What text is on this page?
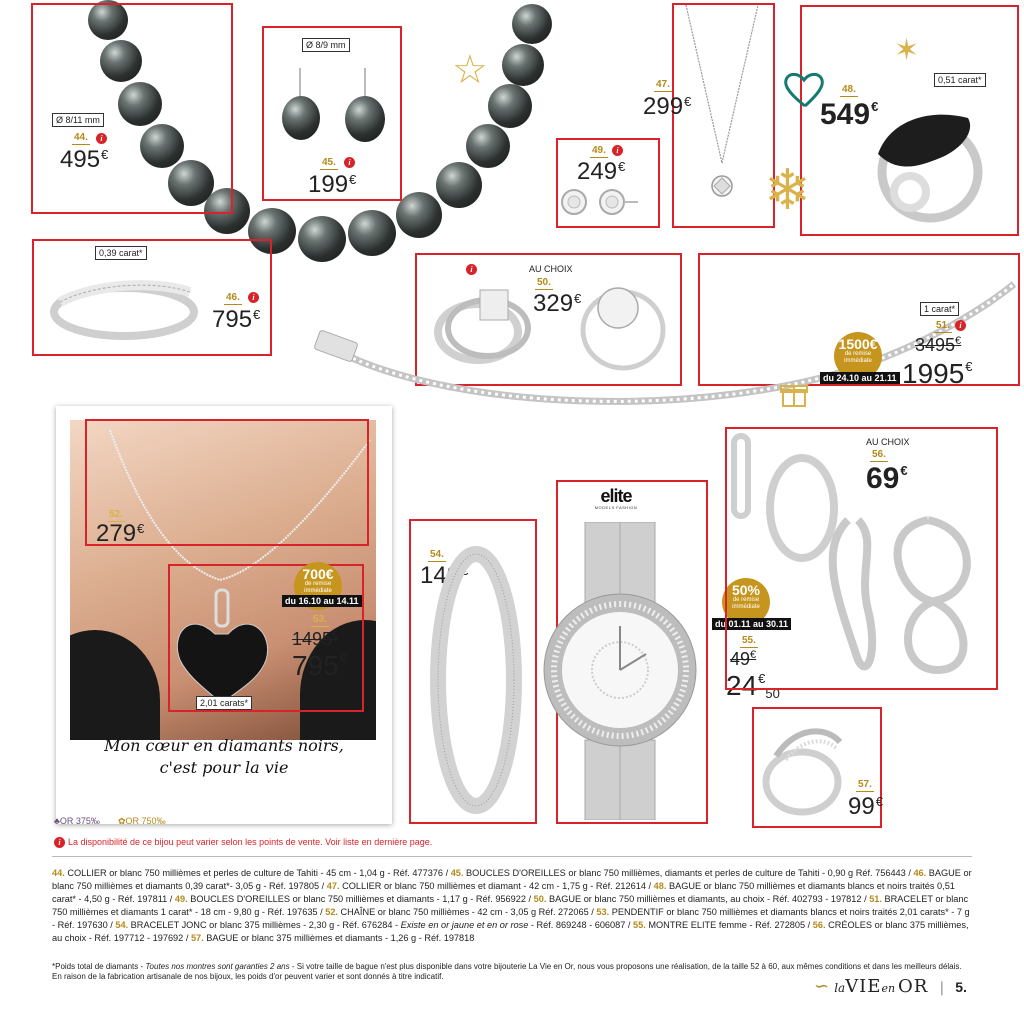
Ø 8/11 mm
44.	i
495€
Ø 8/9 mm
45.	i
199€
☆	47.
299€
✶
❄
0,51 carat*
48.
549€
49.	i
249€
0,39 carat*
46.	i
795€
i	AU CHOIX
50.
329€
1 carat*
51.	i
1500€
de remise immédiate
du 24.10 au 21.11
3495€
1995€
Mon cœur en diamants noirs,
c'est pour la vie
52.
279€
700€
de remise immédiate
du 16.10 au 14.11
53.
1495€
795€
2,01 carats*
54.
149€
elite
MODELS FASHION
50%
de remise immédiate
du 01.11 au 30.11
55.
49€
24€50
AU CHOIX
56.
69€
57.
99€
♣OR 375‰ ✿OR 750‰
i La disponibilité de ce bijou peut varier selon les points de vente. Voir liste en dernière page.
44. COLLIER or blanc 750 millièmes et perles de culture de Tahiti - 45 cm - 1,04 g - Réf. 477376 / 45. BOUCLES D'OREILLES or blanc 750 millièmes, diamants et perles de culture de Tahiti - 0,90 g Réf. 756443 / 46. BAGUE or blanc 750 millièmes et diamants 0,39 carat*- 3,05 g - Réf. 197805 / 47. COLLIER or blanc 750 millièmes et diamant - 42 cm - 1,75 g - Réf. 212614 / 48. BAGUE or blanc 750 millièmes et diamants blancs et noirs traités 0,51 carat* - 4,50 g - Réf. 197811 / 49. BOUCLES D'OREILLES or blanc 750 millièmes et diamants - 1,17 g - Réf. 956922 / 50. BAGUE or blanc 750 millièmes et diamants, au choix - Réf. 402793 - 197812 / 51. BRACELET or blanc 750 millièmes et diamants 1 carat* - 18 cm - 9,80 g - Réf. 197635 / 52. CHAÎNE or blanc 750 millièmes - 42 cm - 3,05 g Réf. 272065 / 53. PENDENTIF or blanc 750 millièmes et diamants blancs et noirs traités 2,01 carats* - 7 g - Réf. 197630 / 54. BRACELET JONC or blanc 375 millièmes - 2,30 g - Réf. 676284 - Existe en or jaune et en or rose - Réf. 869248 - 606087 / 55. MONTRE ELITE femme - Réf. 272805 / 56. CRÉOLES or blanc 375 millièmes, au choix - Réf. 197712 - 197692 / 57. BAGUE or blanc 375 millièmes et diamants - 1,26 g - Réf. 197818
*Poids total de diamants - Toutes nos montres sont garanties 2 ans - Si votre taille de bague n'est plus disponible dans votre bijouterie La Vie en Or, nous vous proposons une réalisation, de la taille 52 à 60, aux mêmes conditions et dans les meilleurs délais. En raison de la fabrication artisanale de nos bijoux, les poids d'or peuvent varier et sont donnés à titre indicatif.	∽ laVIEen OR | 5.
